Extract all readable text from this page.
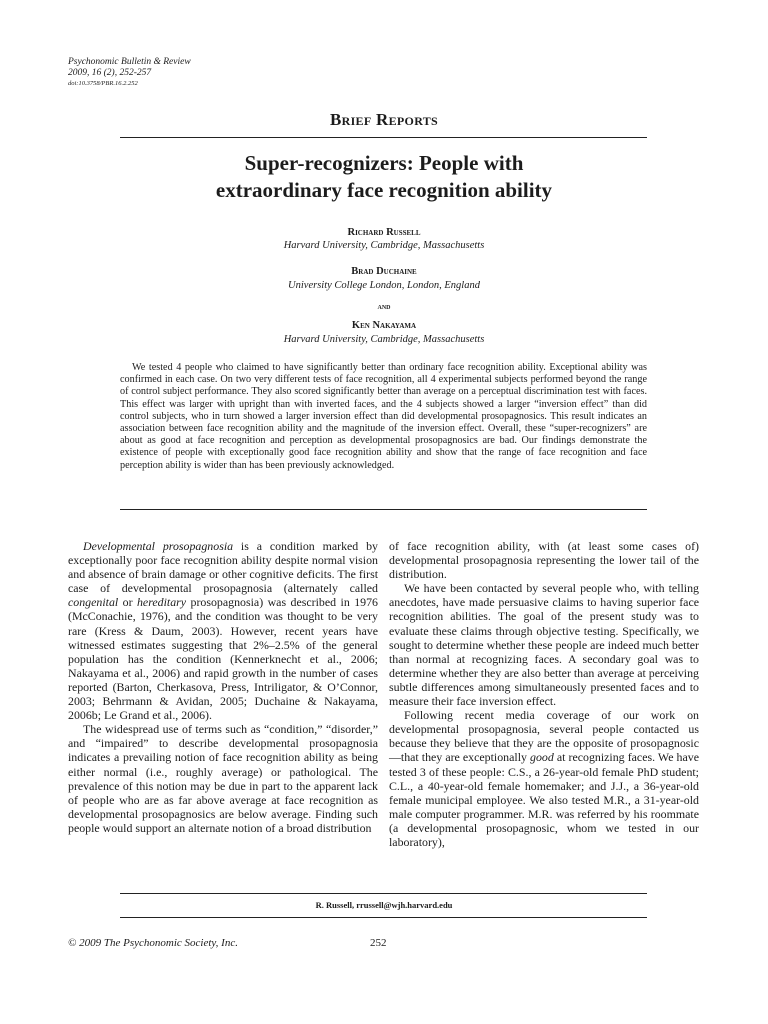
Psychonomic Bulletin & Review
2009, 16 (2), 252-257
doi:10.3758/PBR.16.2.252
Brief Reports
Super-recognizers: People with
extraordinary face recognition ability
Richard Russell
Harvard University, Cambridge, Massachusetts
Brad Duchaine
University College London, London, England
and
Ken Nakayama
Harvard University, Cambridge, Massachusetts
We tested 4 people who claimed to have significantly better than ordinary face recognition ability. Exceptional ability was confirmed in each case. On two very different tests of face recognition, all 4 experimental subjects performed beyond the range of control subject performance. They also scored significantly better than average on a perceptual discrimination test with faces. This effect was larger with upright than with inverted faces, and the 4 subjects showed a larger “inversion effect” than did control subjects, who in turn showed a larger inversion effect than did developmental prosopagnosics. This result indicates an association between face recognition ability and the magnitude of the inversion effect. Overall, these “super-recognizers” are about as good at face recognition and perception as developmental prosopagnosics are bad. Our findings demonstrate the existence of people with exceptionally good face recognition ability and show that the range of face recognition and face perception ability is wider than has been previously acknowledged.

Developmental prosopagnosia is a condition marked by exceptionally poor face recognition ability despite normal vision and absence of brain damage or other cognitive deficits. The first case of developmental prosopagnosia (alternately called congenital or hereditary prosopagnosia) was described in 1976 (McConachie, 1976), and the condition was thought to be very rare (Kress & Daum, 2003). However, recent years have witnessed estimates suggesting that 2%–2.5% of the general population has the condition (Kennerknecht et al., 2006; Nakayama et al., 2006) and rapid growth in the number of cases reported (Barton, Cherkasova, Press, Intriligator, & O’Connor, 2003; Behrmann & Avidan, 2005; Duchaine & Nakayama, 2006b; Le Grand et al., 2006).

The widespread use of terms such as “condition,” “disorder,” and “impaired” to describe developmental prosopagnosia indicates a prevailing notion of face recognition ability as being either normal (i.e., roughly average) or pathological. The prevalence of this notion may be due in part to the apparent lack of people who are as far above average at face recognition as developmental prosopagnosics are below average. Finding such people would support an alternate notion of a broad distribution

of face recognition ability, with (at least some cases of) developmental prosopagnosia representing the lower tail of the distribution.

We have been contacted by several people who, with telling anecdotes, have made persuasive claims to having superior face recognition abilities. The goal of the present study was to evaluate these claims through objective testing. Specifically, we sought to determine whether these people are indeed much better than normal at recognizing faces. A secondary goal was to determine whether they are also better than average at perceiving subtle differences among simultaneously presented faces and to measure their face inversion effect.

Following recent media coverage of our work on developmental prosopagnosia, several people contacted us because they believe that they are the opposite of prosopagnosic—that they are exceptionally good at recognizing faces. We have tested 3 of these people: C.S., a 26-year-old female PhD student; C.L., a 40-year-old female homemaker; and J.J., a 36-year-old female municipal employee. We also tested M.R., a 31-year-old male computer programmer. M.R. was referred by his roommate (a developmental prosopagnosic, whom we tested in our laboratory),

R. Russell, rrussell@wjh.harvard.edu
© 2009 The Psychonomic Society, Inc.	252
